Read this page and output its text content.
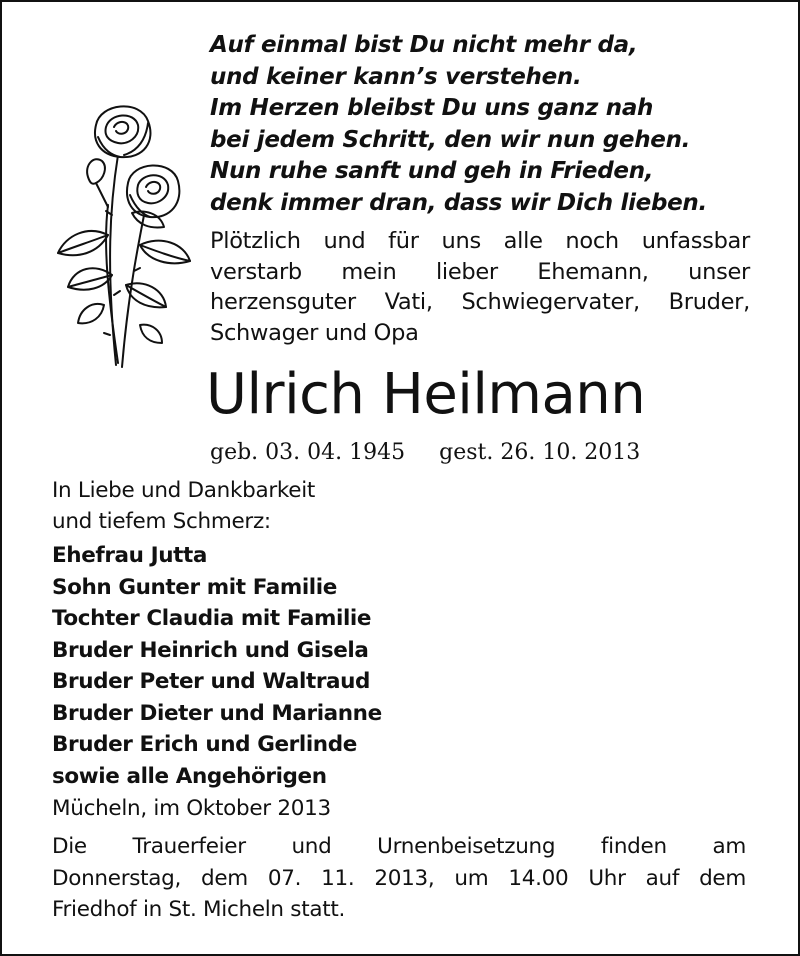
Auf einmal bist Du nicht mehr da,
und keiner kann’s verstehen.
Im Herzen bleibst Du uns ganz nah
bei jedem Schritt, den wir nun gehen.
Nun ruhe sanft und geh in Frieden,
denk immer dran, dass wir Dich lieben.
Plötzlich und für uns alle noch unfassbar
verstarb mein lieber Ehemann, unser
herzensguter Vati, Schwiegervater, Bruder,
Schwager und Opa
Ulrich Heilmann
geb. 03. 04. 1945 gest. 26. 10. 2013
In Liebe und Dankbarkeit
und tiefem Schmerz:
Ehefrau Jutta
Sohn Gunter mit Familie
Tochter Claudia mit Familie
Bruder Heinrich und Gisela
Bruder Peter und Waltraud
Bruder Dieter und Marianne
Bruder Erich und Gerlinde
sowie alle Angehörigen
Mücheln, im Oktober 2013
Die Trauerfeier und Urnenbeisetzung finden am
Donnerstag, dem 07. 11. 2013, um 14.00 Uhr auf dem
Friedhof in St. Micheln statt.
